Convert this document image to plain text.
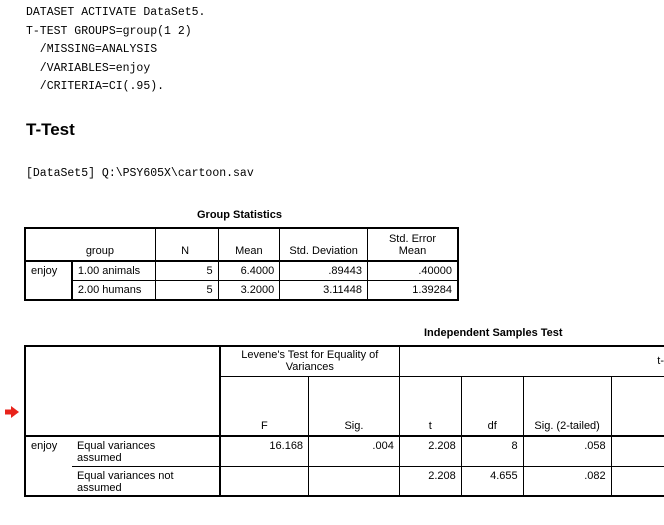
DATASET ACTIVATE DataSet5.
T-TEST GROUPS=group(1 2)
/MISSING=ANALYSIS
/VARIABLES=enjoy
/CRITERIA=CI(.95).
T-Test
[DataSet5] Q:\PSY605X\cartoon.sav
Group Statistics
	group	N	Mean	Std. Deviation	Std. Error Mean
enjoy	1.00 animals	5	6.4000	.89443	.40000
	2.00 humans	5	3.2000	3.11448	1.39284
Independent Samples Test
		Levene's Test for Equality of Variances		t-			
		F	Sig.	t	df	Sig. (2-tailed)	
enjoy	Equal variances assumed	16.168	.004	2.208	8	.058	
	Equal variances not assumed			2.208	4.655	.082	
